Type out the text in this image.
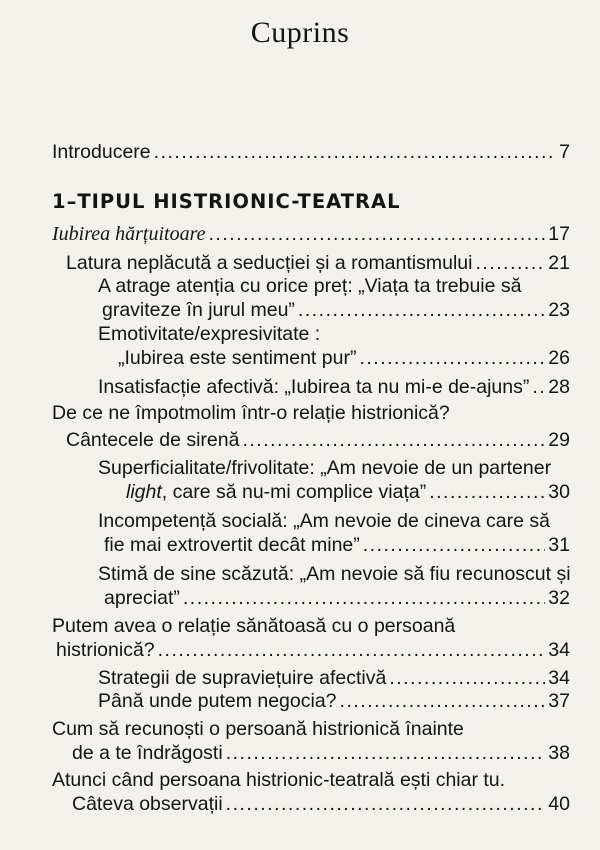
Cuprins
Introducere .....	7
1–TIPUL HISTRIONIC-TEATRAL
Iubirea hărțuitoare .....	17
Latura neplăcută a seducției și a romantismului .....	21
A atrage atenția cu orice preț: „Viața ta trebuie să
graviteze în jurul meu” .....	23
Emotivitate/expresivitate :
„Iubirea este sentiment pur” .....	26
Insatisfacție afectivă: „Iubirea ta nu mi-e de-ajuns” ..... 28
De ce ne împotmolim într-o relație histrionică?
Cântecele de sirenă .....	29
Superficialitate/frivolitate: „Am nevoie de un partener
light, care să nu-mi complice viața” .....	30
Incompetență socială: „Am nevoie de cineva care să
fie mai extrovertit decât mine” .....	31
Stimă de sine scăzută: „Am nevoie să fiu recunoscut și
apreciat” .....	32
Putem avea o relație sănătoasă cu o persoană
histrionică? .....	34
Strategii de supraviețuire afectivă .....	34
Până unde putem negocia? .....	37
Cum să recunoști o persoană histrionică înainte
de a te îndrăgosti .....	38
Atunci când persoana histrionic-teatrală ești chiar tu.
Câteva observații .....	40
